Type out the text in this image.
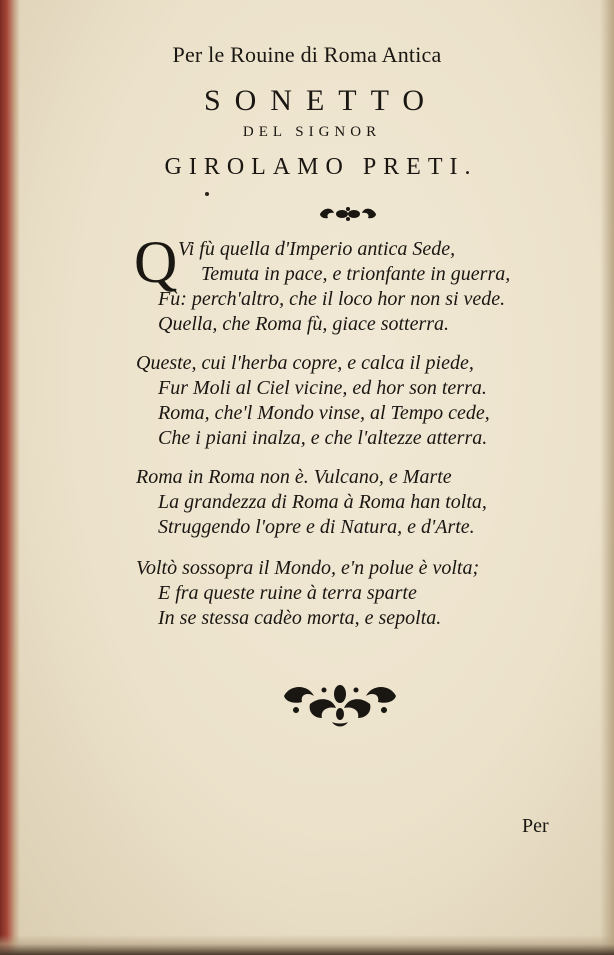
Per le Rouine di Roma Antica
SONETTO
DEL SIGNOR
GIROLAMO PRETI.
Q Vi fù quella d'Imperio antica Sede,
Temuta in pace, e trionfante in guerra,
Fù: perch'altro, che il loco hor non si vede.
Quella, che Roma fù, giace sotterra.
Queste, cui l'herba copre, e calca il piede,
Fur Moli al Ciel vicine, ed hor son terra.
Roma, che'l Mondo vinse, al Tempo cede,
Che i piani inalza, e che l'altezze atterra.
Roma in Roma non è. Vulcano, e Marte
La grandezza di Roma à Roma han tolta,
Struggendo l'opre e di Natura, e d'Arte.
Voltò sossopra il Mondo, e'n polue è volta;
E fra queste ruine à terra sparte
In se stessa cadèo morta, e sepolta.
Per
